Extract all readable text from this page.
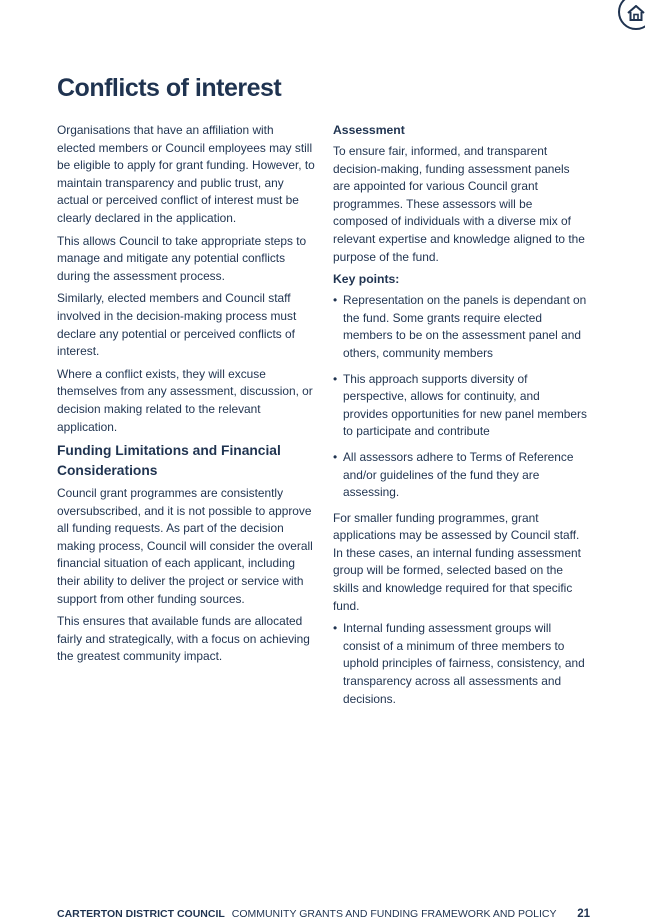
Conflicts of interest

Organisations that have an affiliation with elected members or Council employees may still be eligible to apply for grant funding. However, to maintain transparency and public trust, any actual or perceived conflict of interest must be clearly declared in the application.

This allows Council to take appropriate steps to manage and mitigate any potential conflicts during the assessment process.

Similarly, elected members and Council staff involved in the decision-making process must declare any potential or perceived conflicts of interest.

Where a conflict exists, they will excuse themselves from any assessment, discussion, or decision making related to the relevant application.

Funding Limitations and Financial Considerations

Council grant programmes are consistently oversubscribed, and it is not possible to approve all funding requests. As part of the decision making process, Council will consider the overall financial situation of each applicant, including their ability to deliver the project or service with support from other funding sources.

This ensures that available funds are allocated fairly and strategically, with a focus on achieving the greatest community impact.

Assessment

To ensure fair, informed, and transparent decision-making, funding assessment panels are appointed for various Council grant programmes. These assessors will be composed of individuals with a diverse mix of relevant expertise and knowledge aligned to the purpose of the fund.

Key points:
• Representation on the panels is dependant on the fund. Some grants require elected members to be on the assessment panel and others, community members
• This approach supports diversity of perspective, allows for continuity, and provides opportunities for new panel members to participate and contribute
• All assessors adhere to Terms of Reference and/or guidelines of the fund they are assessing.

For smaller funding programmes, grant applications may be assessed by Council staff. In these cases, an internal funding assessment group will be formed, selected based on the skills and knowledge required for that specific fund.

• Internal funding assessment groups will consist of a minimum of three members to uphold principles of fairness, consistency, and transparency across all assessments and decisions.
CARTERTON DISTRICT COUNCIL COMMUNITY GRANTS AND FUNDING FRAMEWORK AND POLICY 21
